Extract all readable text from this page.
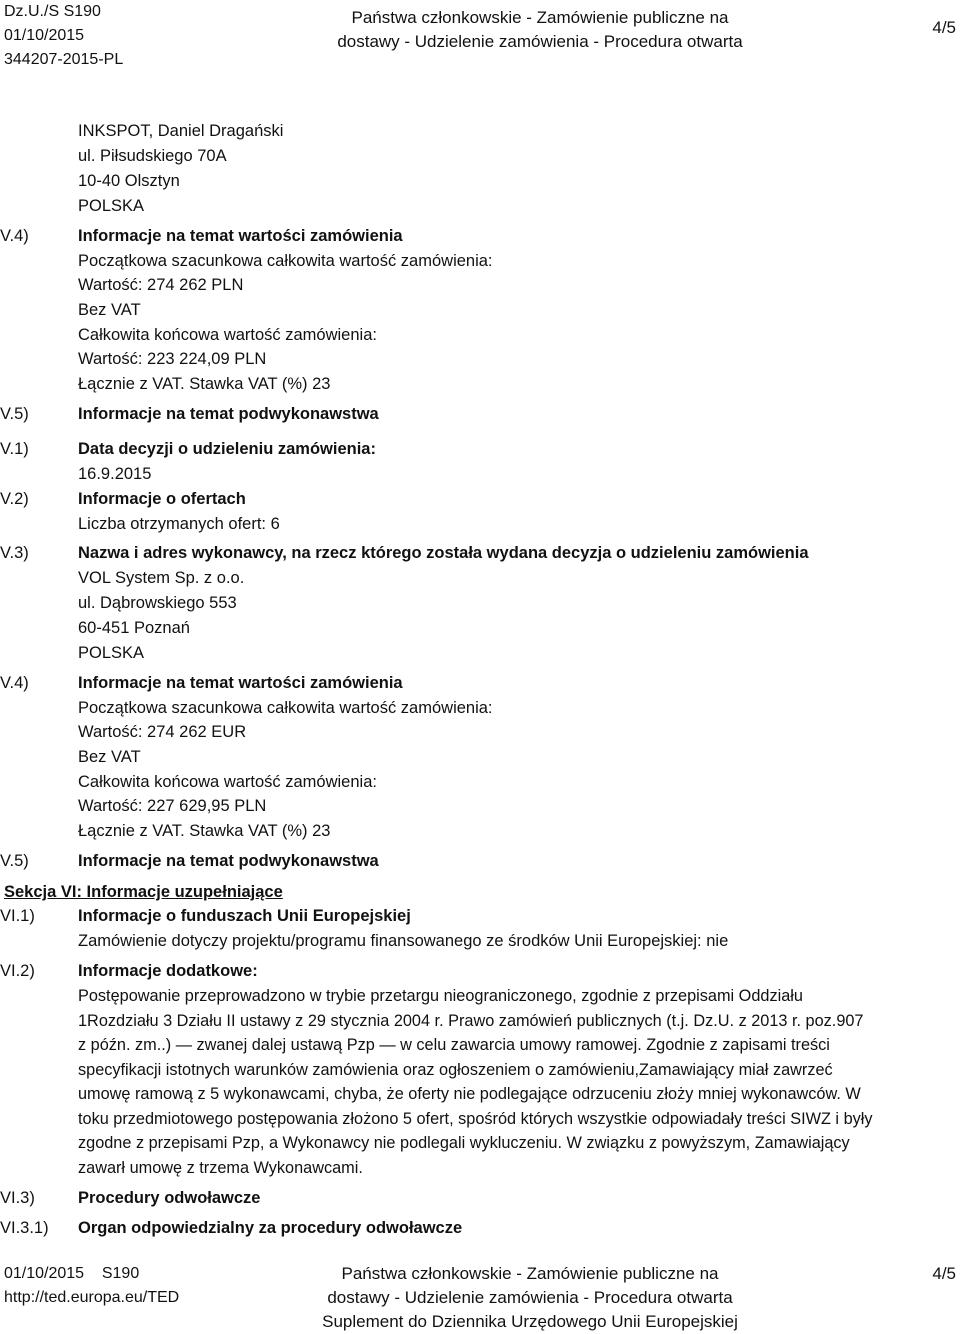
Dz.U./S S190
01/10/2015
344207-2015-PL
Państwa członkowskie - Zamówienie publiczne na
dostawy - Udzielenie zamówienia - Procedura otwarta
4/5
INKSPOT, Daniel Dragański
ul. Piłsudskiego 70A
10-40 Olsztyn
POLSKA
V.4)	Informacje na temat wartości zamówienia
Początkowa szacunkowa całkowita wartość zamówienia:
Wartość: 274 262 PLN
Bez VAT
Całkowita końcowa wartość zamówienia:
Wartość: 223 224,09 PLN
Łącznie z VAT. Stawka VAT (%) 23
V.5)	Informacje na temat podwykonawstwa
V.1)	Data decyzji o udzieleniu zamówienia:
16.9.2015
V.2)	Informacje o ofertach
Liczba otrzymanych ofert: 6
V.3)	Nazwa i adres wykonawcy, na rzecz którego została wydana decyzja o udzieleniu zamówienia
VOL System Sp. z o.o.
ul. Dąbrowskiego 553
60-451 Poznań
POLSKA
V.4)	Informacje na temat wartości zamówienia
Początkowa szacunkowa całkowita wartość zamówienia:
Wartość: 274 262 EUR
Bez VAT
Całkowita końcowa wartość zamówienia:
Wartość: 227 629,95 PLN
Łącznie z VAT. Stawka VAT (%) 23
V.5)	Informacje na temat podwykonawstwa
Sekcja VI: Informacje uzupełniające
VI.1)	Informacje o funduszach Unii Europejskiej
Zamówienie dotyczy projektu/programu finansowanego ze środków Unii Europejskiej: nie
VI.2)	Informacje dodatkowe:
Postępowanie przeprowadzono w trybie przetargu nieograniczonego, zgodnie z przepisami Oddziału
1Rozdziału 3 Działu II ustawy z 29 stycznia 2004 r. Prawo zamówień publicznych (t.j. Dz.U. z 2013 r. poz.907
z późn. zm..) — zwanej dalej ustawą Pzp — w celu zawarcia umowy ramowej. Zgodnie z zapisami treści
specyfikacji istotnych warunków zamówienia oraz ogłoszeniem o zamówieniu,Zamawiający miał zawrzeć
umowę ramową z 5 wykonawcami, chyba, że oferty nie podlegające odrzuceniu złoży mniej wykonawców. W
toku przedmiotowego postępowania złożono 5 ofert, spośród których wszystkie odpowiadały treści SIWZ i były
zgodne z przepisami Pzp, a Wykonawcy nie podlegali wykluczeniu. W związku z powyższym, Zamawiający
zawarł umowę z trzema Wykonawcami.
VI.3)	Procedury odwoławcze
VI.3.1) Organ odpowiedzialny za procedury odwoławcze
01/10/2015 S190
http://ted.europa.eu/TED
Państwa członkowskie - Zamówienie publiczne na
dostawy - Udzielenie zamówienia - Procedura otwarta
Suplement do Dziennika Urzędowego Unii Europejskiej
4/5
